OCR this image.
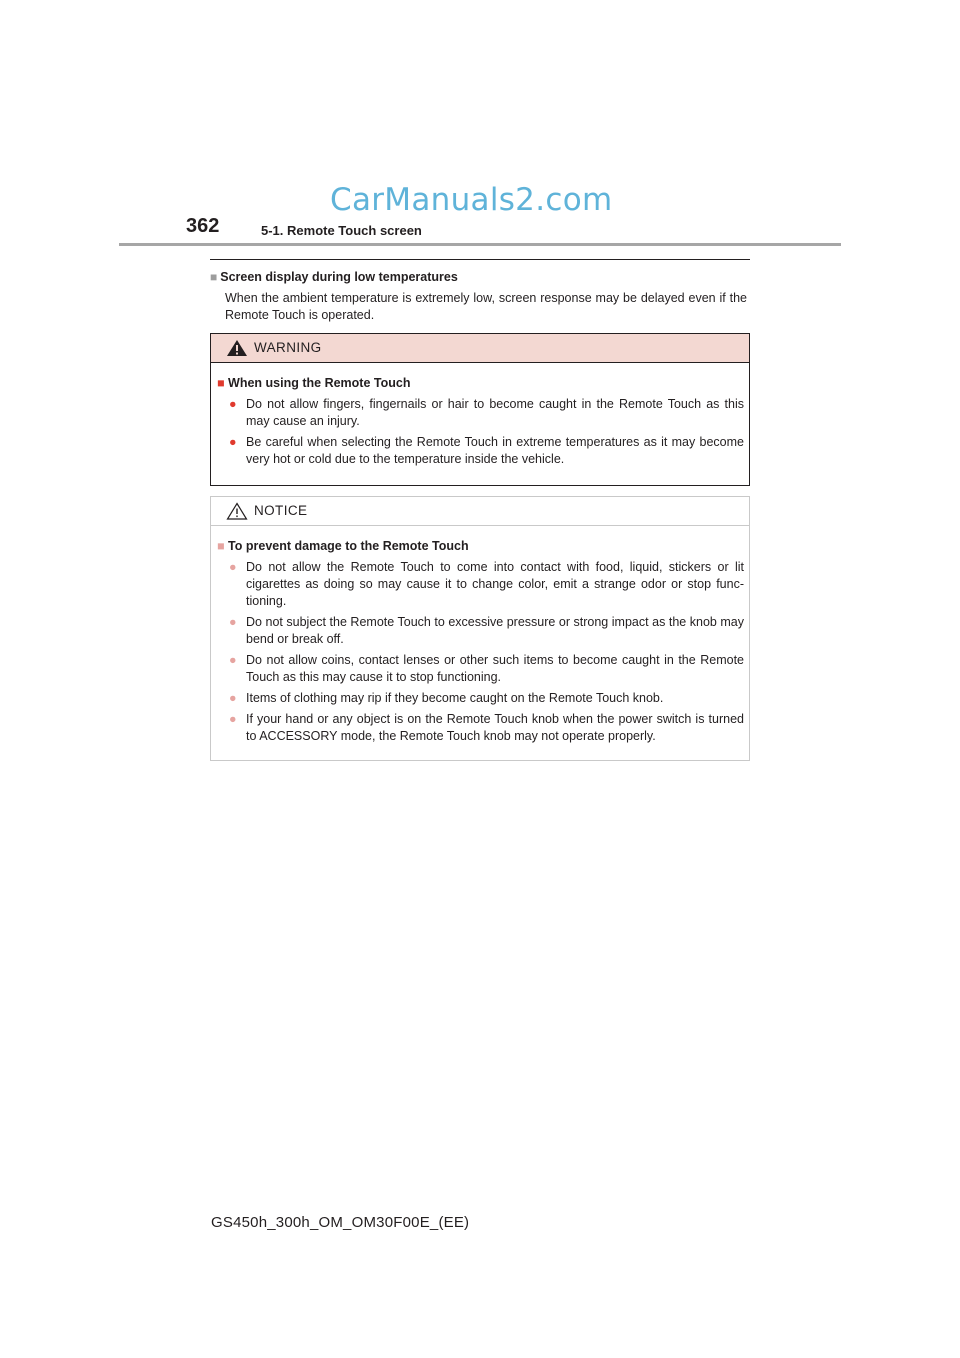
CarManuals2.com
362	5-1. Remote Touch screen
■ Screen display during low temperatures
When the ambient temperature is extremely low, screen response may be delayed even if the Remote Touch is operated.
WARNING
■ When using the Remote Touch
● Do not allow fingers, fingernails or hair to become caught in the Remote Touch as this may cause an injury.
● Be careful when selecting the Remote Touch in extreme temperatures as it may become very hot or cold due to the temperature inside the vehicle.
NOTICE
■ To prevent damage to the Remote Touch
● Do not allow the Remote Touch to come into contact with food, liquid, stickers or lit cigarettes as doing so may cause it to change color, emit a strange odor or stop func-tioning.
● Do not subject the Remote Touch to excessive pressure or strong impact as the knob may bend or break off.
● Do not allow coins, contact lenses or other such items to become caught in the Remote Touch as this may cause it to stop functioning.
● Items of clothing may rip if they become caught on the Remote Touch knob.
● If your hand or any object is on the Remote Touch knob when the power switch is turned to ACCESSORY mode, the Remote Touch knob may not operate properly.
GS450h_300h_OM_OM30F00E_(EE)
